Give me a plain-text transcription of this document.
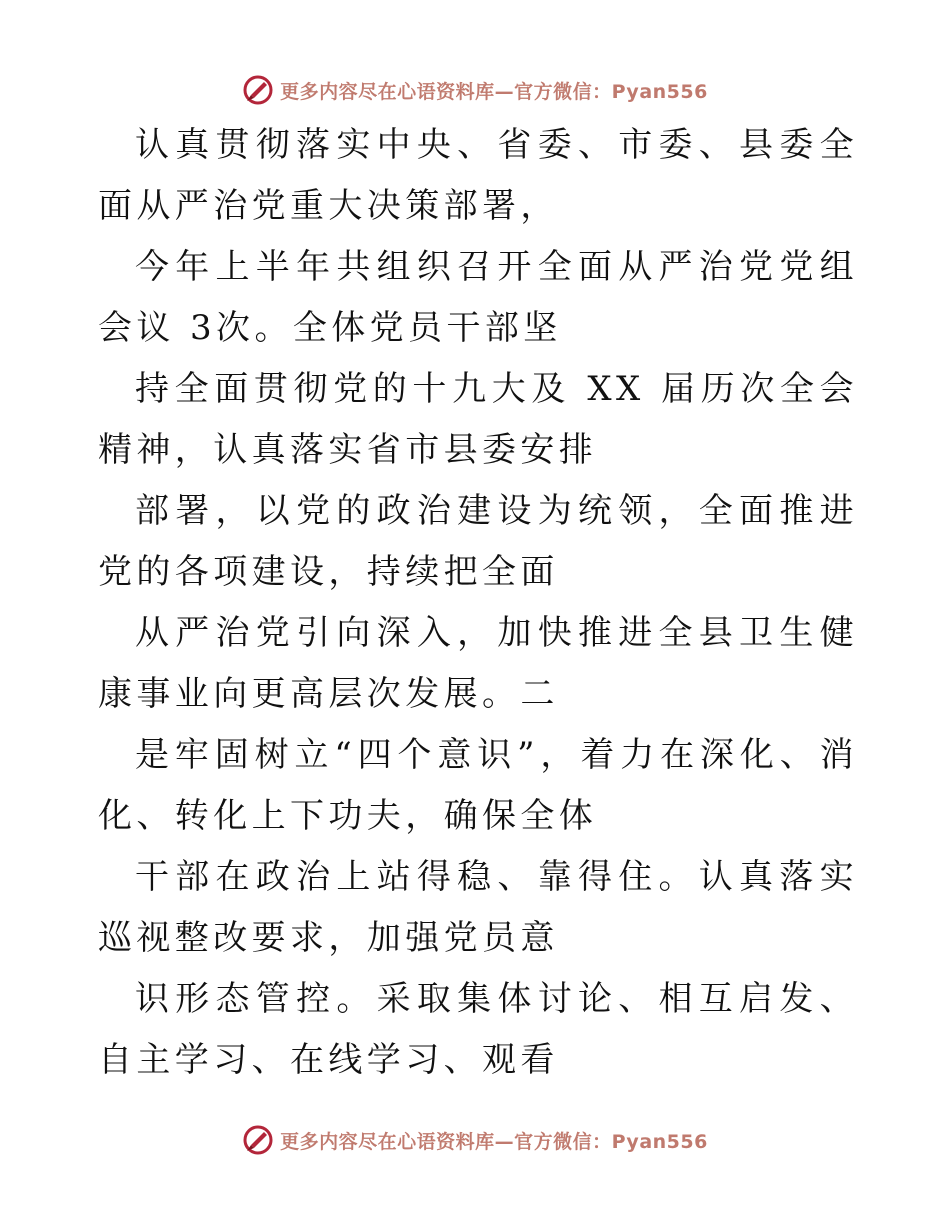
更多内容尽在心语资料库—官方微信：Pyan556

认真贯彻落实中央、省委、市委、县委全面从严治党重大决策部署，

今年上半年共组织召开全面从严治党党组会议 3次。全体党员干部坚

持全面贯彻党的十九大及 XX 届历次全会精神，认真落实省市县委安排

部署，以党的政治建设为统领，全面推进党的各项建设，持续把全面

从严治党引向深入，加快推进全县卫生健康事业向更高层次发展。二

是牢固树立“四个意识”，着力在深化、消化、转化上下功夫，确保全体

干部在政治上站得稳、靠得住。认真落实巡视整改要求，加强党员意

识形态管控。采取集体讨论、相互启发、自主学习、在线学习、观看

更多内容尽在心语资料库—官方微信：Pyan556
